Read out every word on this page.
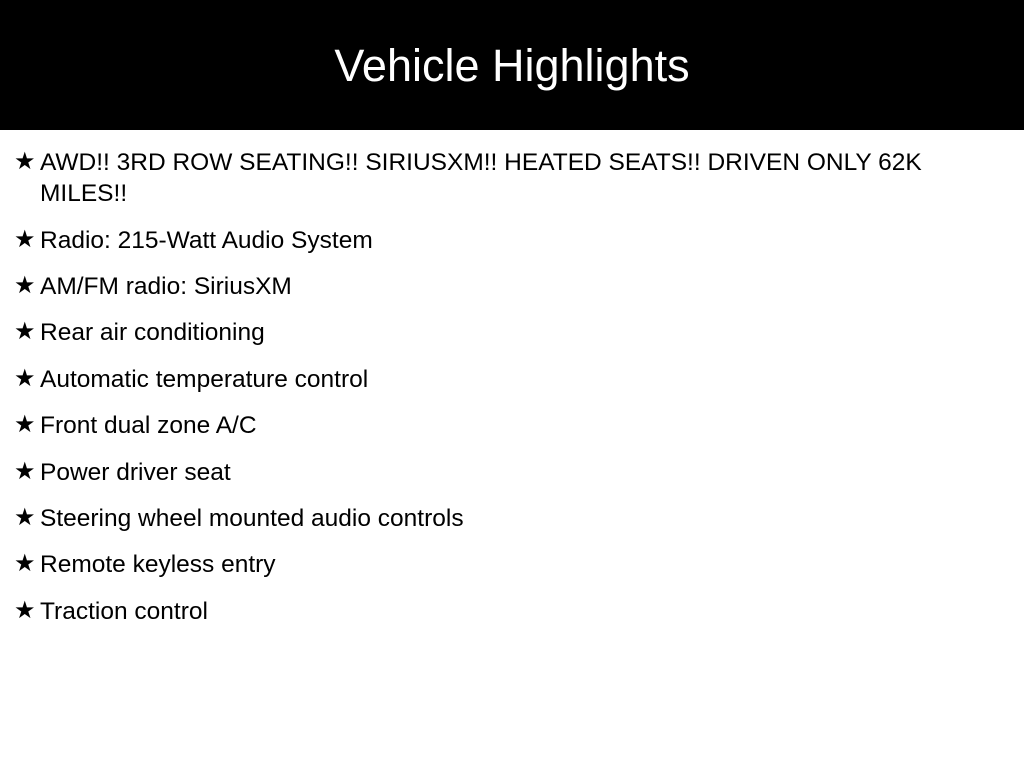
Vehicle Highlights
★ AWD!! 3RD ROW SEATING!! SIRIUSXM!! HEATED SEATS!! DRIVEN ONLY 62K MILES!!
★ Radio: 215-Watt Audio System
★ AM/FM radio: SiriusXM
★ Rear air conditioning
★ Automatic temperature control
★ Front dual zone A/C
★ Power driver seat
★ Steering wheel mounted audio controls
★ Remote keyless entry
★ Traction control
